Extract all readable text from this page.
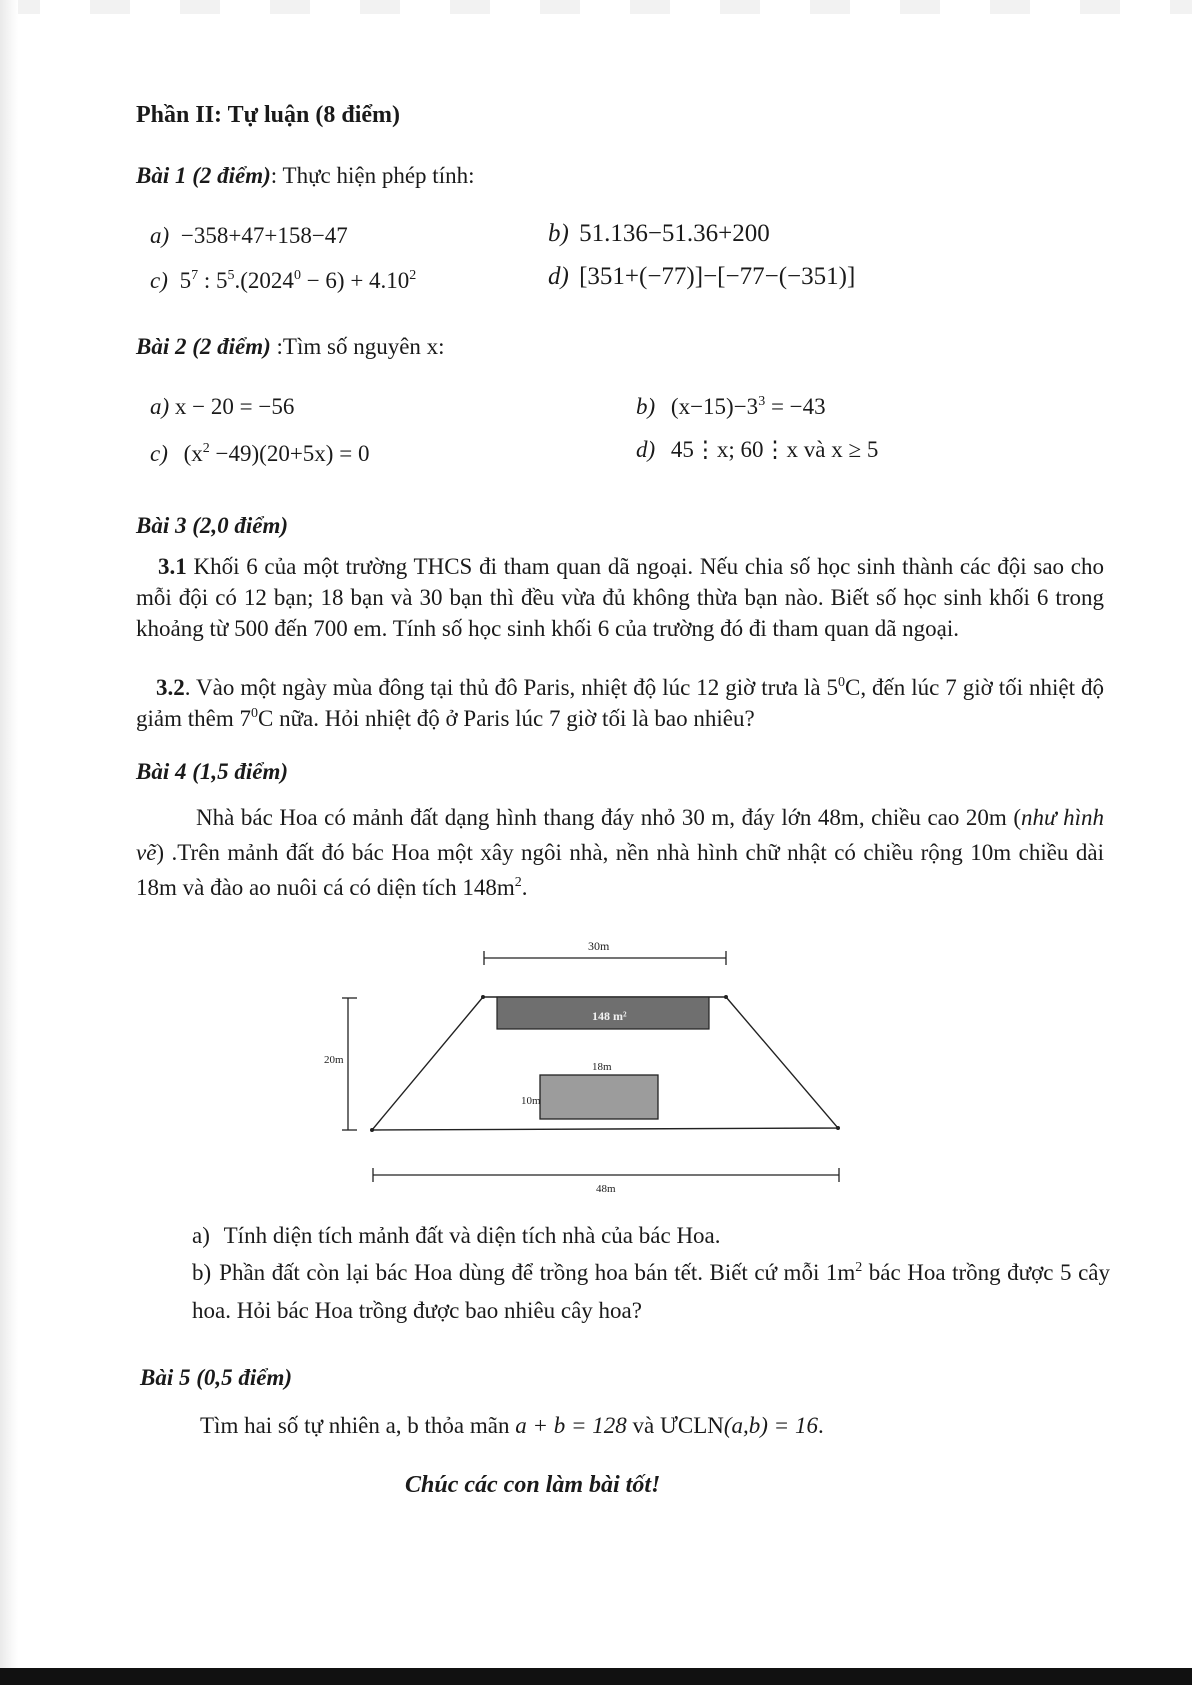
Phần II: Tự luận (8 điểm)
Bài 1 (2 điểm): Thực hiện phép tính:
a) −358+47+158−47	b) 51.136−51.36+200
c) $5^7$ : $5^5.(2024^0 - 6) + 4.10^2$	d) [351+(−77)]−[−77−(−351)]
Bài 2 (2 điểm) :Tìm số nguyên x:
a) x − 20 = −56	b) $(x-15)-3^3 = -43$
c) $(x^2 -49)(20+5x) = 0$	d) 45⋮x; 60⋮x và x ≥ 5
Bài 3 (2,0 điểm)
3.1 Khối 6 của một trường THCS đi tham quan dã ngoại. Nếu chia số học sinh thành các đội sao cho mỗi đội có 12 bạn; 18 bạn và 30 bạn thì đều vừa đủ không thừa bạn nào. Biết số học sinh khối 6 trong khoảng từ 500 đến 700 em. Tính số học sinh khối 6 của trường đó đi tham quan dã ngoại.
3.2. Vào một ngày mùa đông tại thủ đô Paris, nhiệt độ lúc 12 giờ trưa là $5^0C$, đến lúc 7 giờ tối nhiệt độ giảm thêm $7^0C$ nữa. Hỏi nhiệt độ ở Paris lúc 7 giờ tối là bao nhiêu?
Bài 4 (1,5 điểm)
Nhà bác Hoa có mảnh đất dạng hình thang đáy nhỏ 30 m, đáy lớn 48m, chiều cao 20m (như hình vẽ) .Trên mảnh đất đó bác Hoa một xây ngôi nhà, nền nhà hình chữ nhật có chiều rộng 10m chiều dài 18m và đào ao nuôi cá có diện tích $148m^2$.
30m
20m
148 m²
18m
10m
48m
a) Tính diện tích mảnh đất và diện tích nhà của bác Hoa.
b) Phần đất còn lại bác Hoa dùng để trồng hoa bán tết. Biết cứ mỗi $1m^2$ bác Hoa trồng được 5 cây hoa. Hỏi bác Hoa trồng được bao nhiêu cây hoa?
Bài 5 (0,5 điểm)
Tìm hai số tự nhiên a, b thỏa mãn a + b = 128 và ƯCLN(a,b) = 16.
Chúc các con làm bài tốt!
